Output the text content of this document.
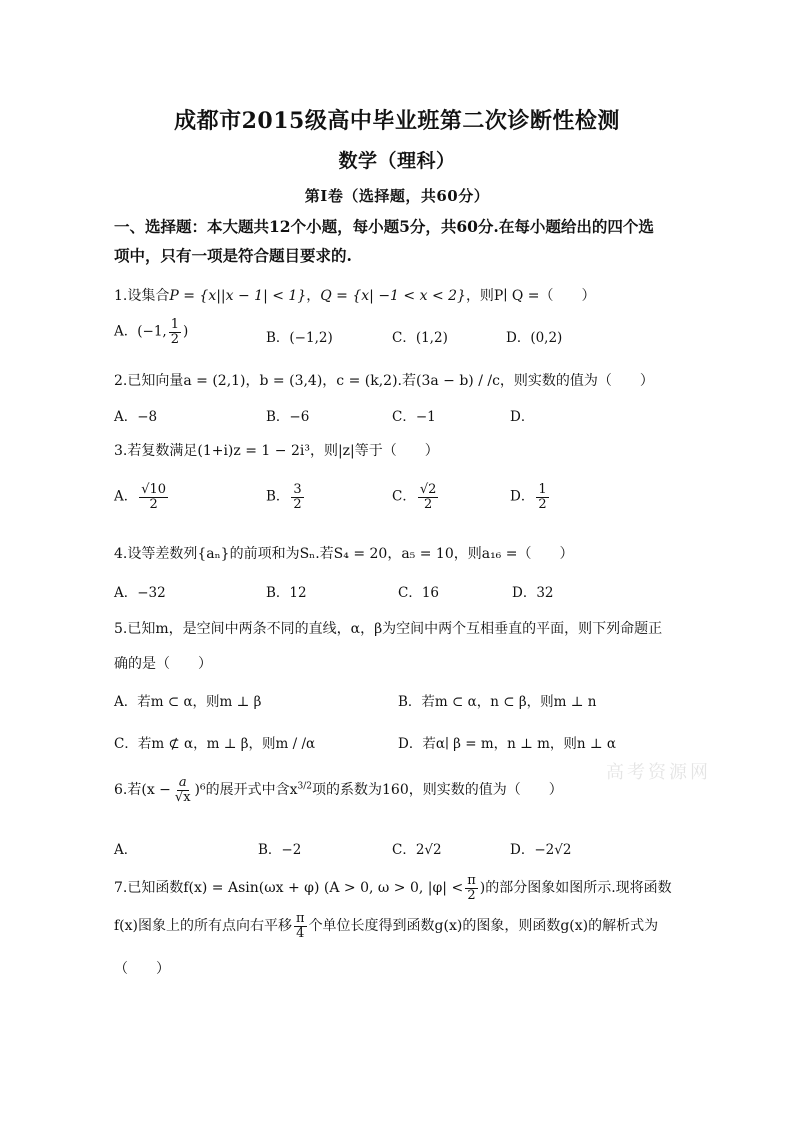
成都市2015级高中毕业班第二次诊断性检测
数学（理科）
第Ⅰ卷（选择题，共60分）
一、选择题：本大题共12个小题，每小题5分，共60分.在每小题给出的四个选
项中，只有一项是符合题目要求的.
1.设集合P = {x||x − 1| < 1}，Q = {x| −1 < x < 2}，则P∣ Q =（　　）
A．(−1, $\frac{1}{2}$ )	B．(−1,2)	C．(1,2)	D．(0,2)
2.已知向量a = (2,1)，b = (3,4)，c = (k,2).若(3a − b) / /c，则实数的值为（　　）
A．−8	B．−6	C．−1	D．
3.若复数满足(1+i)z = 1 − 2i³，则|z|等于（　　）
A． $\frac{√10}{2}$	B． $\frac{3}{2}$	C． $\frac{√2}{2}$	D． $\frac{1}{2}$
4.设等差数列{aₙ}的前项和为Sₙ.若S₄ = 20，a₅ = 10，则a₁₆ =（　　）
A．−32	B．12	C．16	D．32
5.已知m，是空间中两条不同的直线，α，β为空间中两个互相垂直的平面，则下列命题正
确的是（　　）
A．若m ⊂ α，则m ⊥ β	B．若m ⊂ α，n ⊂ β，则m ⊥ n
C．若m ⊄ α，m ⊥ β，则m / /α	D．若α∣ β = m，n ⊥ m，则n ⊥ α
高考资源网
6.若$(x - \frac{a}{√x} )^6$的展开式中含$x^{3/2}$项的系数为160，则实数的值为（　　）
A．	B．−2	C．2√2	D．−2√2
7.已知函数f(x) = Asin(ωx + φ) (A > 0, ω > 0, $|\varphi| < \frac{\pi}{2}$ )的部分图象如图所示.现将函数
f(x)图象上的所有点向右平移 $\frac{\pi}{4}$ 个单位长度得到函数g(x)的图象，则函数g(x)的解析式为
（　　）
